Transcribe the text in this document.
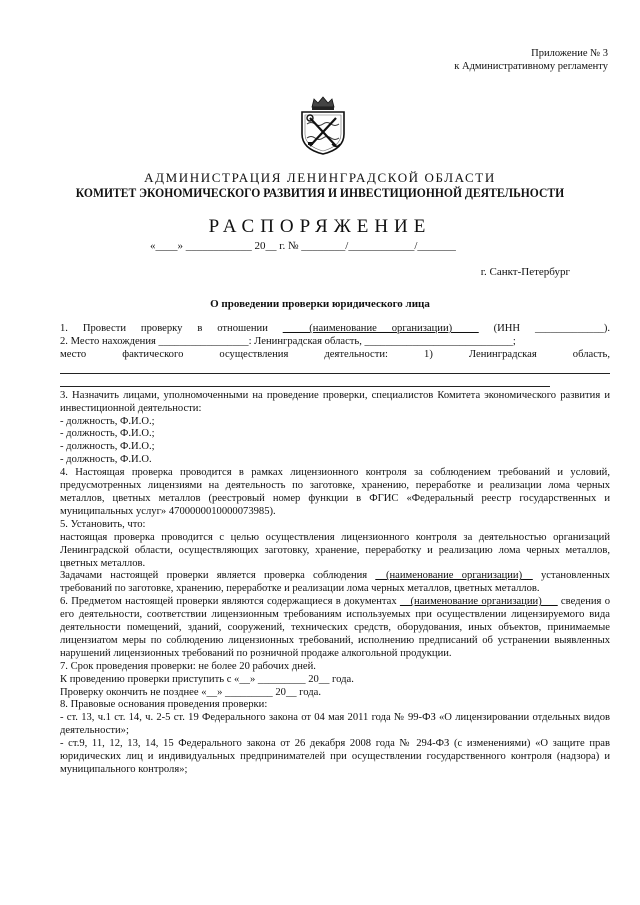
Приложение № 3
к Административному регламенту
АДМИНИСТРАЦИЯ ЛЕНИНГРАДСКОЙ ОБЛАСТИ
КОМИТЕТ ЭКОНОМИЧЕСКОГО РАЗВИТИЯ И ИНВЕСТИЦИОННОЙ ДЕЯТЕЛЬНОСТИ
РАСПОРЯЖЕНИЕ
«____» ____________ 20__ г. № ________/____________/_______
г. Санкт-Петербург
О проведении проверки юридического лица

1. Провести проверку в отношении _____(наименование организации)_____ (ИНН _____________).

2. Место нахождения _________________: Ленинградская область, ____________________________;

место фактического осуществления деятельности: 1) Ленинградская область,

3. Назначить лицами, уполномоченными на проведение проверки, специалистов Комитета экономического развития и инвестиционной деятельности:

- должность, Ф.И.О.;

- должность, Ф.И.О.;

- должность, Ф.И.О.;

- должность, Ф.И.О.

4. Настоящая проверка проводится в рамках лицензионного контроля за соблюдением требований и условий, предусмотренных лицензиями на деятельность по заготовке, хранению, переработке и реализации лома черных металлов, цветных металлов (реестровый номер функции в ФГИС «Федеральный реестр государственных и муниципальных услуг» 4700000010000073985).

5. Установить, что:

настоящая проверка проводится с целью осуществления лицензионного контроля за деятельностью организаций Ленинградской области, осуществляющих заготовку, хранение, переработку и реализацию лома черных металлов, цветных металлов.

Задачами настоящей проверки является проверка соблюдения __(наименование организации)__ установленных требований по заготовке, хранению, переработке и реализации лома черных металлов, цветных металлов.

6. Предметом настоящей проверки являются содержащиеся в документах __(наименование организации)___ сведения о его деятельности, соответствии лицензионным требованиям используемых при осуществлении лицензируемого вида деятельности помещений, зданий, сооружений, технических средств, оборудования, иных объектов, принимаемые лицензиатом меры по соблюдению лицензионных требований, исполнению предписаний об устранении выявленных нарушений лицензионных требований по розничной продаже алкогольной продукции.

7. Срок проведения проверки: не более 20 рабочих дней.

К проведению проверки приступить с «__» _________ 20__ года.

Проверку окончить не позднее «__» _________ 20__ года.

8. Правовые основания проведения проверки:

- ст. 13, ч.1 ст. 14, ч. 2-5 ст. 19 Федерального закона от 04 мая 2011 года № 99-ФЗ «О лицензировании отдельных видов деятельности»;

- ст.9, 11, 12, 13, 14, 15 Федерального закона от 26 декабря 2008 года № 294-ФЗ (с изменениями) «О защите прав юридических лиц и индивидуальных предпринимателей при осуществлении государственного контроля (надзора) и муниципального контроля»;
